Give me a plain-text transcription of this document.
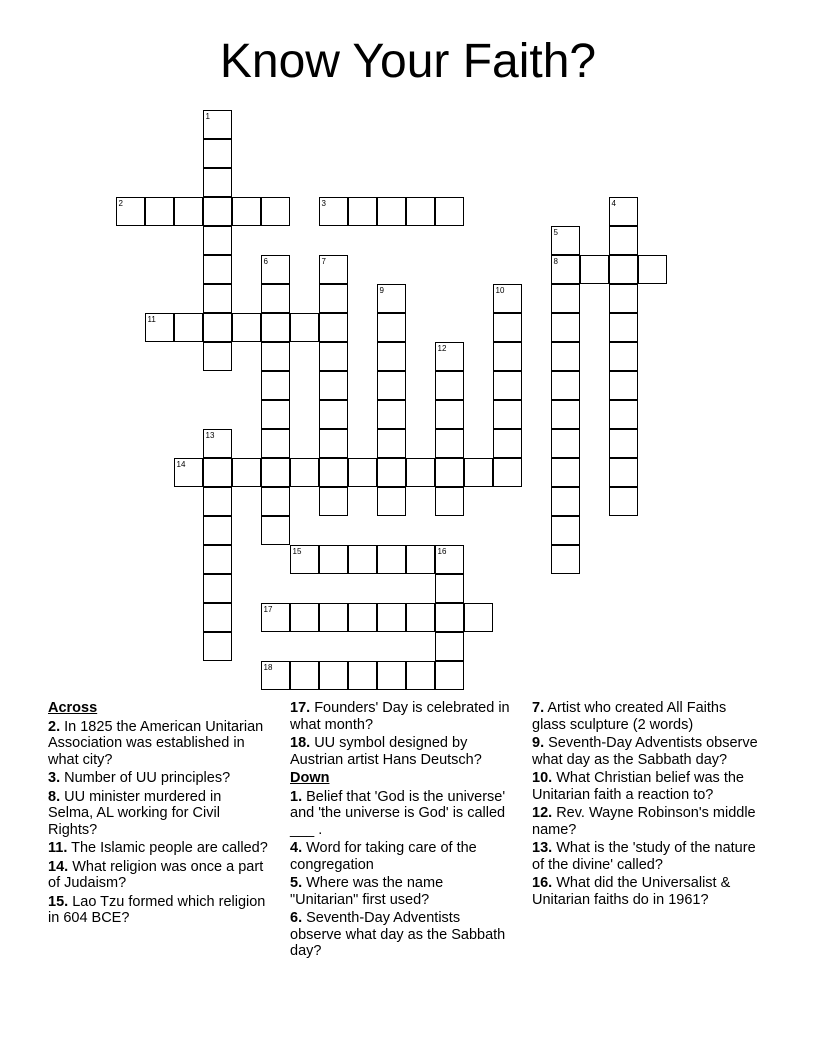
Know Your Faith?
1
2	3	4
5
8
6	7
9	10
11
12
13
14
15	16
17
18
Across
2. In 1825 the American Unitarian Association was established in what city?
3. Number of UU principles?
8. UU minister murdered in Selma, AL working for Civil Rights?
11. The Islamic people are called?
14. What religion was once a part of Judaism?
15. Lao Tzu formed which religion in 604 BCE?
17. Founders' Day is celebrated in what month?
18. UU symbol designed by Austrian artist Hans Deutsch?
Down
1. Belief that 'God is the universe' and 'the universe is God' is called ___ .
4. Word for taking care of the congregation
5. Where was the name "Unitarian" first used?
6. Seventh-Day Adventists observe what day as the Sabbath day?
7. Artist who created All Faiths glass sculpture (2 words)
9. Seventh-Day Adventists observe what day as the Sabbath day?
10. What Christian belief was the Unitarian faith a reaction to?
12. Rev. Wayne Robinson's middle name?
13. What is the 'study of the nature of the divine' called?
16. What did the Universalist & Unitarian faiths do in 1961?
